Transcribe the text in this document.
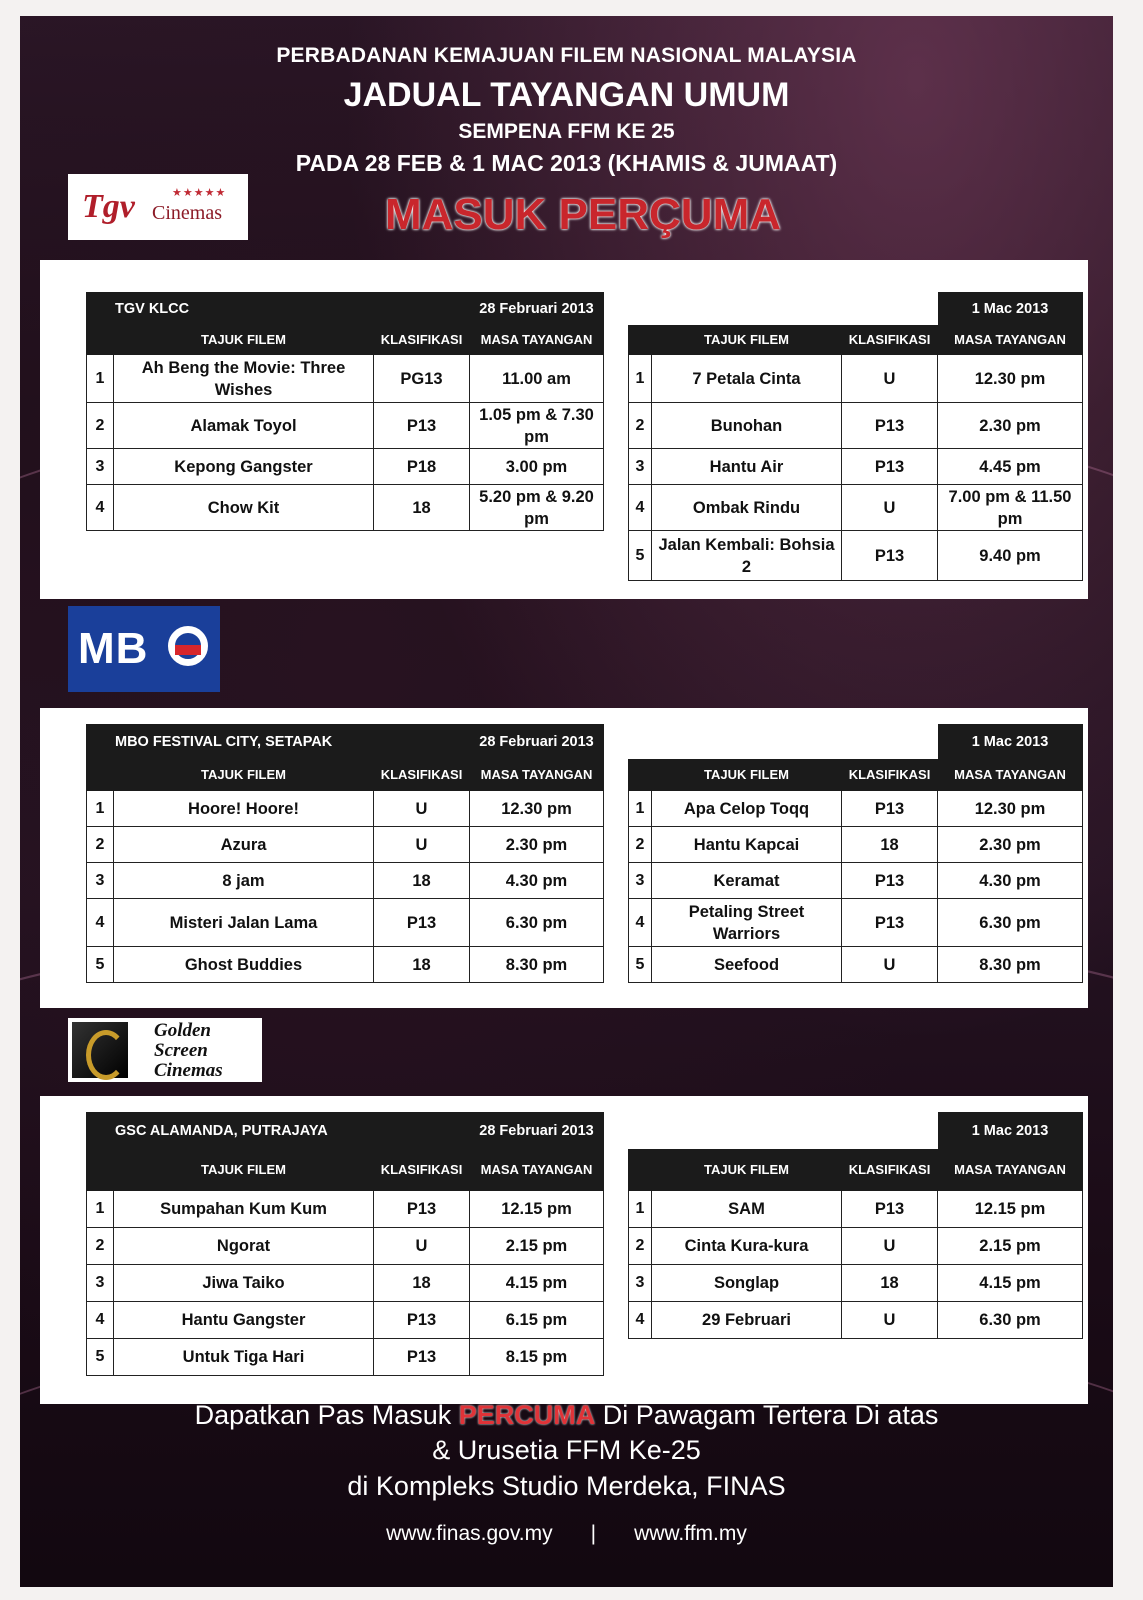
PERBADANAN KEMAJUAN FILEM NASIONAL MALAYSIA
JADUAL TAYANGAN UMUM
SEMPENA FFM KE 25
PADA 28 FEB & 1 MAC 2013 (KHAMIS & JUMAAT)
MASUK PERÇUMA
Tgv	★★★★★
Cinemas
MB
Golden
Screen
Cinemas
TGV KLCC			28 Februari 2013
	TAJUK FILEM	KLASIFIKASI	MASA TAYANGAN
1	Ah Beng the Movie: Three Wishes	PG13	11.00 am
2	Alamak Toyol	P13	1.05 pm & 7.30 pm
3	Kepong Gangster	P18	3.00 pm
4	Chow Kit	18	5.20 pm & 9.20 pm
			1 Mac 2013
	TAJUK FILEM	KLASIFIKASI	MASA TAYANGAN
1	7 Petala Cinta	U	12.30 pm
2	Bunohan	P13	2.30 pm
3	Hantu Air	P13	4.45 pm
4	Ombak Rindu	U	7.00 pm & 11.50 pm
5	Jalan Kembali: Bohsia 2	P13	9.40 pm
MBO FESTIVAL CITY, SETAPAK			28 Februari 2013
	TAJUK FILEM	KLASIFIKASI	MASA TAYANGAN
1	Hoore! Hoore!	U	12.30 pm
2	Azura	U	2.30 pm
3	8 jam	18	4.30 pm
4	Misteri Jalan Lama	P13	6.30 pm
5	Ghost Buddies	18	8.30 pm
			1 Mac 2013
	TAJUK FILEM	KLASIFIKASI	MASA TAYANGAN
1	Apa Celop Toqq	P13	12.30 pm
2	Hantu Kapcai	18	2.30 pm
3	Keramat	P13	4.30 pm
4	Petaling Street Warriors	P13	6.30 pm
5	Seefood	U	8.30 pm
GSC ALAMANDA, PUTRAJAYA			28 Februari 2013
	TAJUK FILEM	KLASIFIKASI	MASA TAYANGAN
1	Sumpahan Kum Kum	P13	12.15 pm
2	Ngorat	U	2.15 pm
3	Jiwa Taiko	18	4.15 pm
4	Hantu Gangster	P13	6.15 pm
5	Untuk Tiga Hari	P13	8.15 pm
			1 Mac 2013
	TAJUK FILEM	KLASIFIKASI	MASA TAYANGAN
1	SAM	P13	12.15 pm
2	Cinta Kura-kura	U	2.15 pm
3	Songlap	18	4.15 pm
4	29 Februari	U	6.30 pm
Dapatkan Pas Masuk PERCUMA Di Pawagam Tertera Di atas
& Urusetia FFM Ke-25
di Kompleks Studio Merdeka, FINAS
www.finas.gov.my | www.ffm.my
